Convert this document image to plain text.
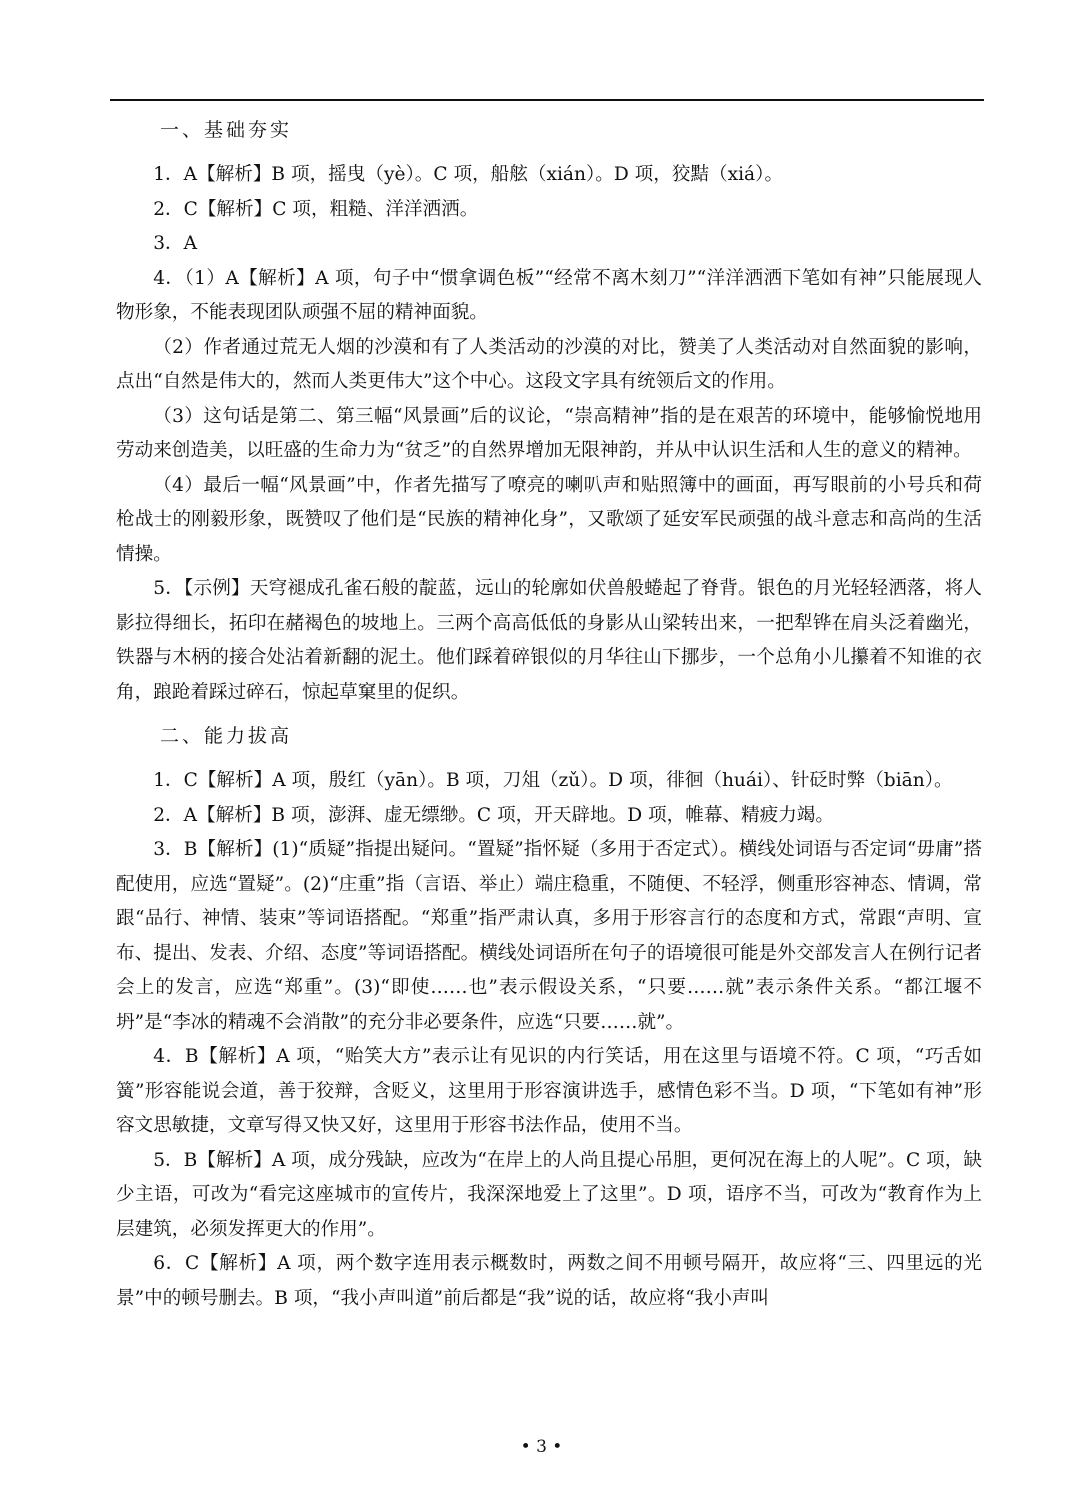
一、基础夯实

1．A【解析】B 项，摇曳（yè）。C 项，船舷（xián）。D 项，狡黠（xiá）。

2．C【解析】C 项，粗糙、洋洋洒洒。

3．A

4．（1）A【解析】A 项，句子中“惯拿调色板”“经常不离木刻刀”“洋洋洒洒下笔如有神”只能展现人物形象，不能表现团队顽强不屈的精神面貌。

（2）作者通过荒无人烟的沙漠和有了人类活动的沙漠的对比，赞美了人类活动对自然面貌的影响，点出“自然是伟大的，然而人类更伟大”这个中心。这段文字具有统领后文的作用。

（3）这句话是第二、第三幅“风景画”后的议论，“崇高精神”指的是在艰苦的环境中，能够愉悦地用劳动来创造美，以旺盛的生命力为“贫乏”的自然界增加无限神韵，并从中认识生活和人生的意义的精神。

（4）最后一幅“风景画”中，作者先描写了嘹亮的喇叭声和贴照簿中的画面，再写眼前的小号兵和荷枪战士的刚毅形象，既赞叹了他们是“民族的精神化身”，又歌颂了延安军民顽强的战斗意志和高尚的生活情操。

5．【示例】天穹褪成孔雀石般的靛蓝，远山的轮廓如伏兽般蜷起了脊背。银色的月光轻轻洒落，将人影拉得细长，拓印在赭褐色的坡地上。三两个高高低低的身影从山梁转出来，一把犁铧在肩头泛着幽光，铁器与木柄的接合处沾着新翻的泥土。他们踩着碎银似的月华往山下挪步，一个总角小儿攥着不知谁的衣角，踉跄着踩过碎石，惊起草窠里的促织。

二、能力拔高

1．C【解析】A 项，殷红（yān）。B 项，刀俎（zǔ）。D 项，徘徊（huái）、针砭时弊（biān）。

2．A【解析】B 项，澎湃、虚无缥缈。C 项，开天辟地。D 项，帷幕、精疲力竭。

3．B【解析】(1)“质疑”指提出疑问。“置疑”指怀疑（多用于否定式）。横线处词语与否定词“毋庸”搭配使用，应选“置疑”。(2)“庄重”指（言语、举止）端庄稳重，不随便、不轻浮，侧重形容神态、情调，常跟“品行、神情、装束”等词语搭配。“郑重”指严肃认真，多用于形容言行的态度和方式，常跟“声明、宣布、提出、发表、介绍、态度”等词语搭配。横线处词语所在句子的语境很可能是外交部发言人在例行记者会上的发言，应选“郑重”。(3)“即使……也”表示假设关系，“只要……就”表示条件关系。“都江堰不坍”是“李冰的精魂不会消散”的充分非必要条件，应选“只要……就”。

4．B【解析】A 项，“贻笑大方”表示让有见识的内行笑话，用在这里与语境不符。C 项，“巧舌如簧”形容能说会道，善于狡辩，含贬义，这里用于形容演讲选手，感情色彩不当。D 项，“下笔如有神”形容文思敏捷，文章写得又快又好，这里用于形容书法作品，使用不当。

5．B【解析】A 项，成分残缺，应改为“在岸上的人尚且提心吊胆，更何况在海上的人呢”。C 项，缺少主语，可改为“看完这座城市的宣传片，我深深地爱上了这里”。D 项，语序不当，可改为“教育作为上层建筑，必须发挥更大的作用”。

6．C【解析】A 项，两个数字连用表示概数时，两数之间不用顿号隔开，故应将“三、四里远的光景”中的顿号删去。B 项，“我小声叫道”前后都是“我”说的话，故应将“我小声叫

• 3 •
